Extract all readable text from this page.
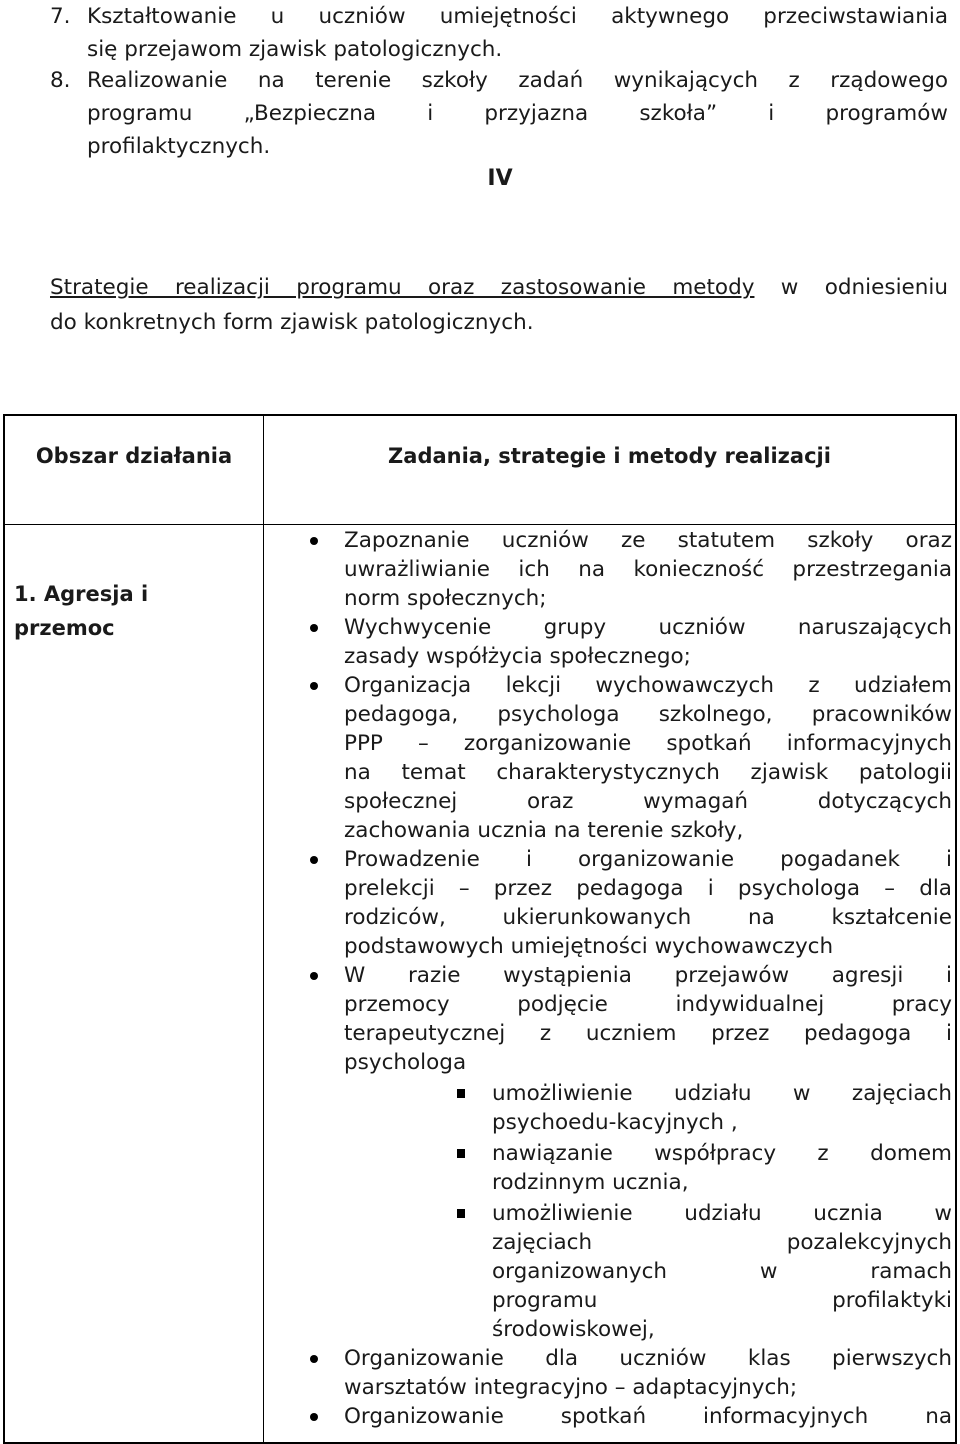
7. Kształtowanie u uczniów umiejętności aktywnego przeciwstawiania
się przejawom zjawisk patologicznych.
8. Realizowanie na terenie szkoły zadań wynikających z rządowego
programu „Bezpieczna i przyjazna szkoła” i programów
profilaktycznych.
IV
Strategie realizacji programu oraz zastosowanie metody w odniesieniu
do konkretnych form zjawisk patologicznych.
Obszar działania	Zadania, strategie i metody realizacji
1. Agresja i
przemoc
Zapoznanie uczniów ze statutem szkoły oraz
uwrażliwianie ich na konieczność przestrzegania
norm społecznych;
Wychwycenie grupy uczniów naruszających
zasady współżycia społecznego;
Organizacja lekcji wychowawczych z udziałem
pedagoga, psychologa szkolnego, pracowników
PPP – zorganizowanie spotkań informacyjnych
na temat charakterystycznych zjawisk patologii
społecznej oraz wymagań dotyczących
zachowania ucznia na terenie szkoły,
Prowadzenie i organizowanie pogadanek i
prelekcji – przez pedagoga i psychologa – dla
rodziców, ukierunkowanych na kształcenie
podstawowych umiejętności wychowawczych
W razie wystąpienia przejawów agresji i
przemocy podjęcie indywidualnej pracy
terapeutycznej z uczniem przez pedagoga i
psychologa
umożliwienie udziału w zajęciach
psychoedu-kacyjnych ,
nawiązanie współpracy z domem
rodzinnym ucznia,
umożliwienie udziału ucznia w
zajęciach pozalekcyjnych
organizowanych w ramach
programu profilaktyki
środowiskowej,
Organizowanie dla uczniów klas pierwszych
warsztatów integracyjno – adaptacyjnych;
Organizowanie spotkań informacyjnych na
